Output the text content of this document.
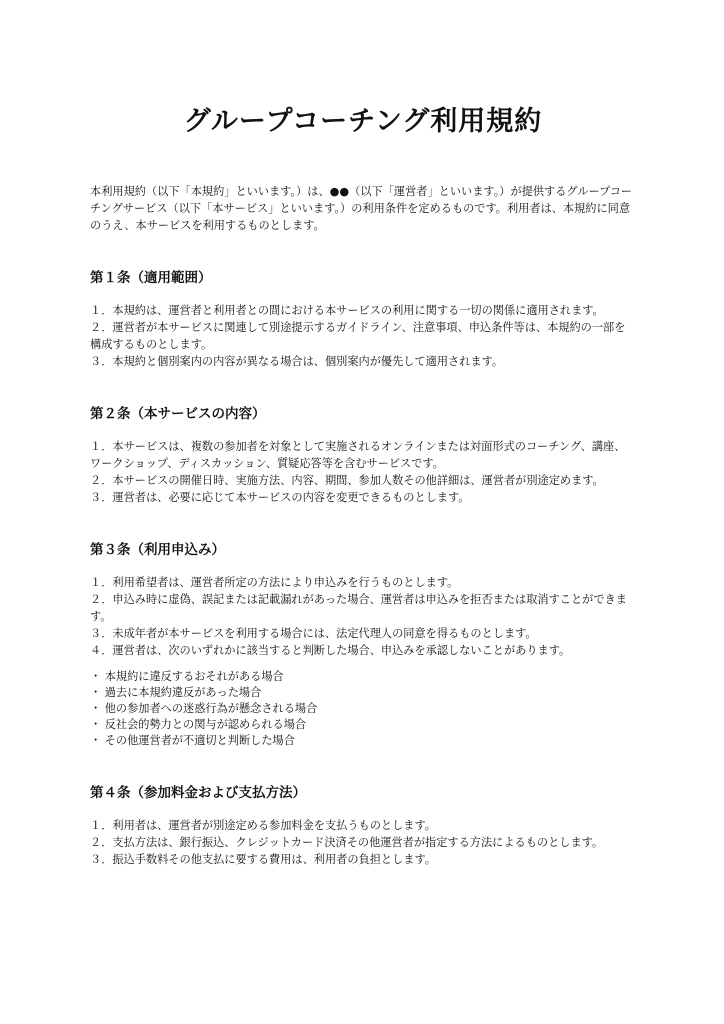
グループコーチング利用規約

本利用規約（以下「本規約」といいます。）は、●●（以下「運営者」といいます。）が提供するグループコーチングサービス（以下「本サービス」といいます。）の利用条件を定めるものです。利用者は、本規約に同意のうえ、本サービスを利用するものとします。

第１条（適用範囲）
１．本規約は、運営者と利用者との間における本サービスの利用に関する一切の関係に適用されます。
２．運営者が本サービスに関連して別途提示するガイドライン、注意事項、申込条件等は、本規約の一部を構成するものとします。
３．本規約と個別案内の内容が異なる場合は、個別案内が優先して適用されます。
第２条（本サービスの内容）
１．本サービスは、複数の参加者を対象として実施されるオンラインまたは対面形式のコーチング、講座、ワークショップ、ディスカッション、質疑応答等を含むサービスです。
２．本サービスの開催日時、実施方法、内容、期間、参加人数その他詳細は、運営者が別途定めます。
３．運営者は、必要に応じて本サービスの内容を変更できるものとします。
第３条（利用申込み）
１．利用希望者は、運営者所定の方法により申込みを行うものとします。
２．申込み時に虚偽、誤記または記載漏れがあった場合、運営者は申込みを拒否または取消すことができます。
３．未成年者が本サービスを利用する場合には、法定代理人の同意を得るものとします。
４．運営者は、次のいずれかに該当すると判断した場合、申込みを承認しないことがあります。
・ 本規約に違反するおそれがある場合
・ 過去に本規約違反があった場合
・ 他の参加者への迷惑行為が懸念される場合
・ 反社会的勢力との関与が認められる場合
・ その他運営者が不適切と判断した場合
第４条（参加料金および支払方法）
１．利用者は、運営者が別途定める参加料金を支払うものとします。
２．支払方法は、銀行振込、クレジットカード決済その他運営者が指定する方法によるものとします。
３．振込手数料その他支払に要する費用は、利用者の負担とします。
